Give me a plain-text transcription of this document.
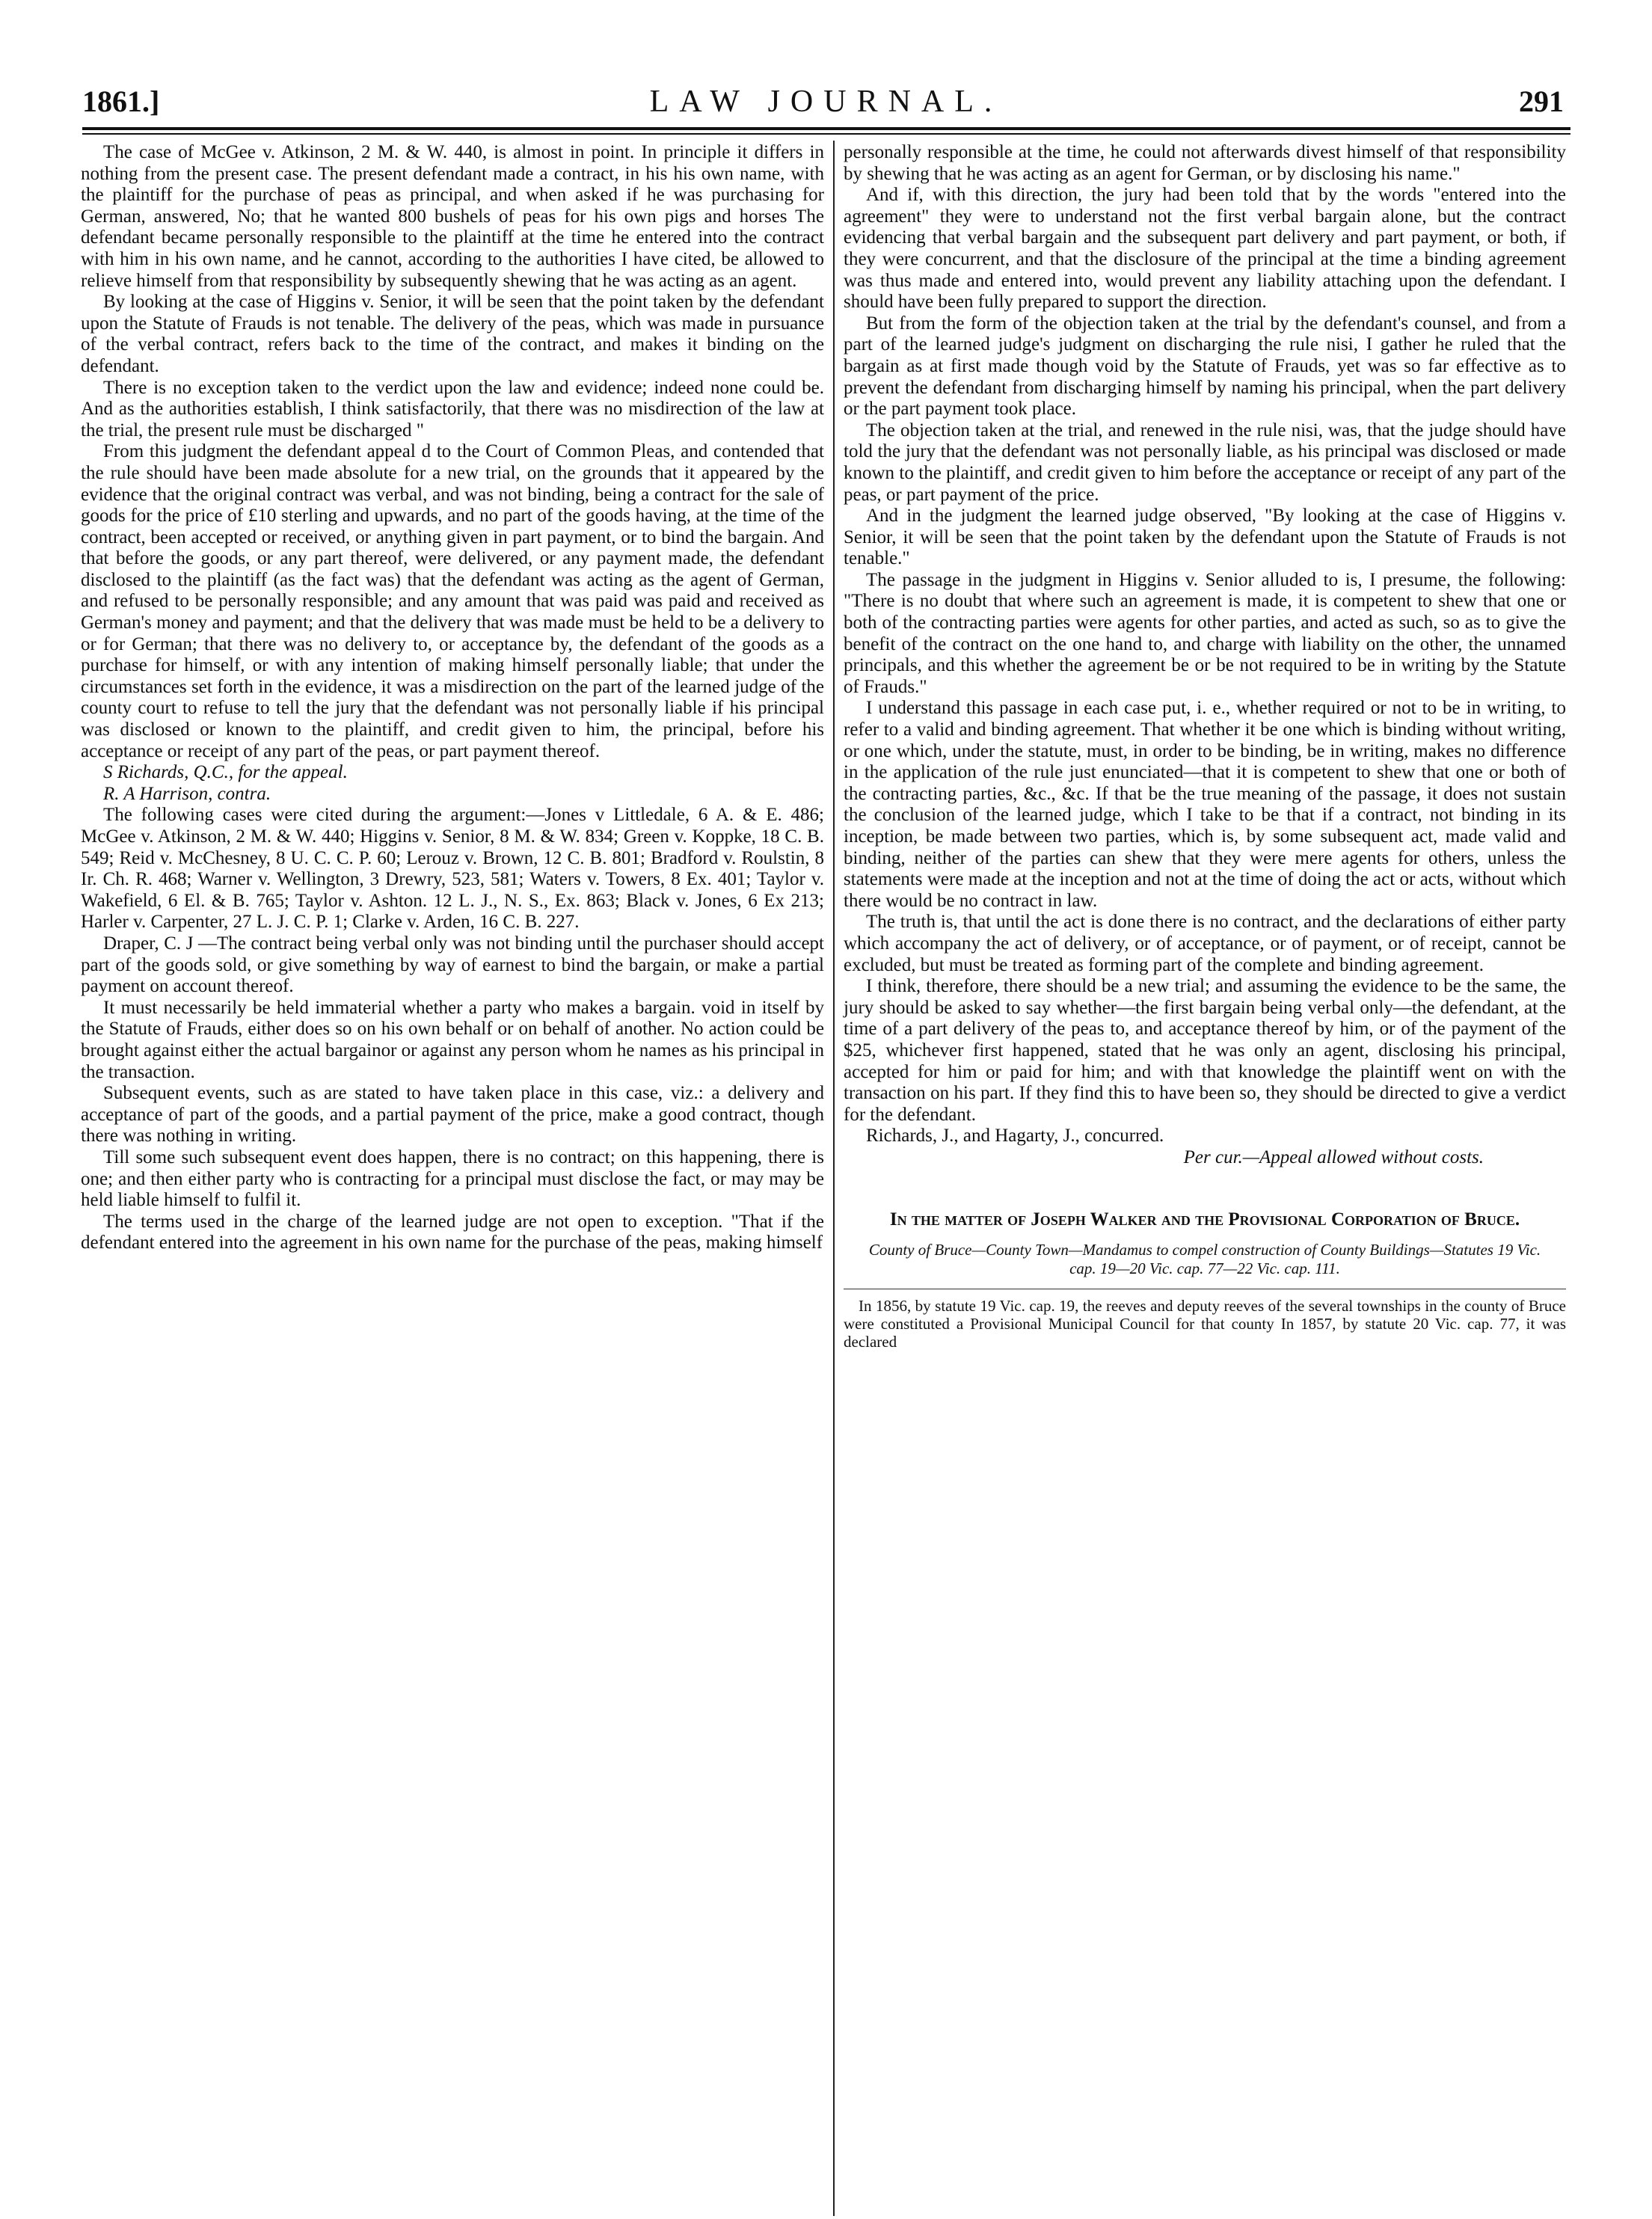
1861.]	LAW JOURNAL.	291

The case of McGee v. Atkinson, 2 M. & W. 440, is almost in point. In principle it differs in nothing from the present case. The present defendant made a contract, in his his own name, with the plaintiff for the purchase of peas as principal, and when asked if he was purchasing for German, answered, No; that he wanted 800 bushels of peas for his own pigs and horses The defendant became personally responsible to the plaintiff at the time he entered into the contract with him in his own name, and he cannot, according to the authorities I have cited, be allowed to relieve himself from that responsibility by subsequently shewing that he was acting as an agent.

By looking at the case of Higgins v. Senior, it will be seen that the point taken by the defendant upon the Statute of Frauds is not tenable. The delivery of the peas, which was made in pursuance of the verbal contract, refers back to the time of the contract, and makes it binding on the defendant.

There is no exception taken to the verdict upon the law and evidence; indeed none could be. And as the authorities establish, I think satisfactorily, that there was no misdirection of the law at the trial, the present rule must be discharged "

From this judgment the defendant appeal d to the Court of Common Pleas, and contended that the rule should have been made absolute for a new trial, on the grounds that it appeared by the evidence that the original contract was verbal, and was not binding, being a contract for the sale of goods for the price of £10 sterling and upwards, and no part of the goods having, at the time of the contract, been accepted or received, or anything given in part payment, or to bind the bargain. And that before the goods, or any part thereof, were delivered, or any payment made, the defendant disclosed to the plaintiff (as the fact was) that the defendant was acting as the agent of German, and refused to be personally responsible; and any amount that was paid was paid and received as German's money and payment; and that the delivery that was made must be held to be a delivery to or for German; that there was no delivery to, or acceptance by, the defendant of the goods as a purchase for himself, or with any intention of making himself personally liable; that under the circumstances set forth in the evidence, it was a misdirection on the part of the learned judge of the county court to refuse to tell the jury that the defendant was not personally liable if his principal was disclosed or known to the plaintiff, and credit given to him, the principal, before his acceptance or receipt of any part of the peas, or part payment thereof.

S Richards, Q.C., for the appeal.

R. A Harrison, contra.

The following cases were cited during the argument:—Jones v Littledale, 6 A. & E. 486; McGee v. Atkinson, 2 M. & W. 440; Higgins v. Senior, 8 M. & W. 834; Green v. Koppke, 18 C. B. 549; Reid v. McChesney, 8 U. C. C. P. 60; Lerouz v. Brown, 12 C. B. 801; Bradford v. Roulstin, 8 Ir. Ch. R. 468; Warner v. Wellington, 3 Drewry, 523, 581; Waters v. Towers, 8 Ex. 401; Taylor v. Wakefield, 6 El. & B. 765; Taylor v. Ashton. 12 L. J., N. S., Ex. 863; Black v. Jones, 6 Ex 213; Harler v. Carpenter, 27 L. J. C. P. 1; Clarke v. Arden, 16 C. B. 227.

Draper, C. J —The contract being verbal only was not binding until the purchaser should accept part of the goods sold, or give something by way of earnest to bind the bargain, or make a partial payment on account thereof.

It must necessarily be held immaterial whether a party who makes a bargain. void in itself by the Statute of Frauds, either does so on his own behalf or on behalf of another. No action could be brought against either the actual bargainor or against any person whom he names as his principal in the transaction.

Subsequent events, such as are stated to have taken place in this case, viz.: a delivery and acceptance of part of the goods, and a partial payment of the price, make a good contract, though there was nothing in writing.

Till some such subsequent event does happen, there is no contract; on this happening, there is one; and then either party who is contracting for a principal must disclose the fact, or may may be held liable himself to fulfil it.

The terms used in the charge of the learned judge are not open to exception. "That if the defendant entered into the agreement in his own name for the purchase of the peas, making himself

personally responsible at the time, he could not afterwards divest himself of that responsibility by shewing that he was acting as an agent for German, or by disclosing his name."

And if, with this direction, the jury had been told that by the words "entered into the agreement" they were to understand not the first verbal bargain alone, but the contract evidencing that verbal bargain and the subsequent part delivery and part payment, or both, if they were concurrent, and that the disclosure of the principal at the time a binding agreement was thus made and entered into, would prevent any liability attaching upon the defendant. I should have been fully prepared to support the direction.

But from the form of the objection taken at the trial by the defendant's counsel, and from a part of the learned judge's judgment on discharging the rule nisi, I gather he ruled that the bargain as at first made though void by the Statute of Frauds, yet was so far effective as to prevent the defendant from discharging himself by naming his principal, when the part delivery or the part payment took place.

The objection taken at the trial, and renewed in the rule nisi, was, that the judge should have told the jury that the defendant was not personally liable, as his principal was disclosed or made known to the plaintiff, and credit given to him before the acceptance or receipt of any part of the peas, or part payment of the price.

And in the judgment the learned judge observed, "By looking at the case of Higgins v. Senior, it will be seen that the point taken by the defendant upon the Statute of Frauds is not tenable."

The passage in the judgment in Higgins v. Senior alluded to is, I presume, the following: "There is no doubt that where such an agreement is made, it is competent to shew that one or both of the contracting parties were agents for other parties, and acted as such, so as to give the benefit of the contract on the one hand to, and charge with liability on the other, the unnamed principals, and this whether the agreement be or be not required to be in writing by the Statute of Frauds."

I understand this passage in each case put, i. e., whether required or not to be in writing, to refer to a valid and binding agreement. That whether it be one which is binding without writing, or one which, under the statute, must, in order to be binding, be in writing, makes no difference in the application of the rule just enunciated—that it is competent to shew that one or both of the contracting parties, &c., &c. If that be the true meaning of the passage, it does not sustain the conclusion of the learned judge, which I take to be that if a contract, not binding in its inception, be made between two parties, which is, by some subsequent act, made valid and binding, neither of the parties can shew that they were mere agents for others, unless the statements were made at the inception and not at the time of doing the act or acts, without which there would be no contract in law.

The truth is, that until the act is done there is no contract, and the declarations of either party which accompany the act of delivery, or of acceptance, or of payment, or of receipt, cannot be excluded, but must be treated as forming part of the complete and binding agreement.

I think, therefore, there should be a new trial; and assuming the evidence to be the same, the jury should be asked to say whether—the first bargain being verbal only—the defendant, at the time of a part delivery of the peas to, and acceptance thereof by him, or of the payment of the $25, whichever first happened, stated that he was only an agent, disclosing his principal, accepted for him or paid for him; and with that knowledge the plaintiff went on with the transaction on his part. If they find this to have been so, they should be directed to give a verdict for the defendant.

Richards, J., and Hagarty, J., concurred.

Per cur.—Appeal allowed without costs.

In the matter of Joseph Walker and the Provisional Corporation of Bruce.

County of Bruce—County Town—Mandamus to compel construction of County Buildings—Statutes 19 Vic. cap. 19—20 Vic. cap. 77—22 Vic. cap. 111.

In 1856, by statute 19 Vic. cap. 19, the reeves and deputy reeves of the several townships in the county of Bruce were constituted a Provisional Municipal Council for that county In 1857, by statute 20 Vic. cap. 77, it was declared
